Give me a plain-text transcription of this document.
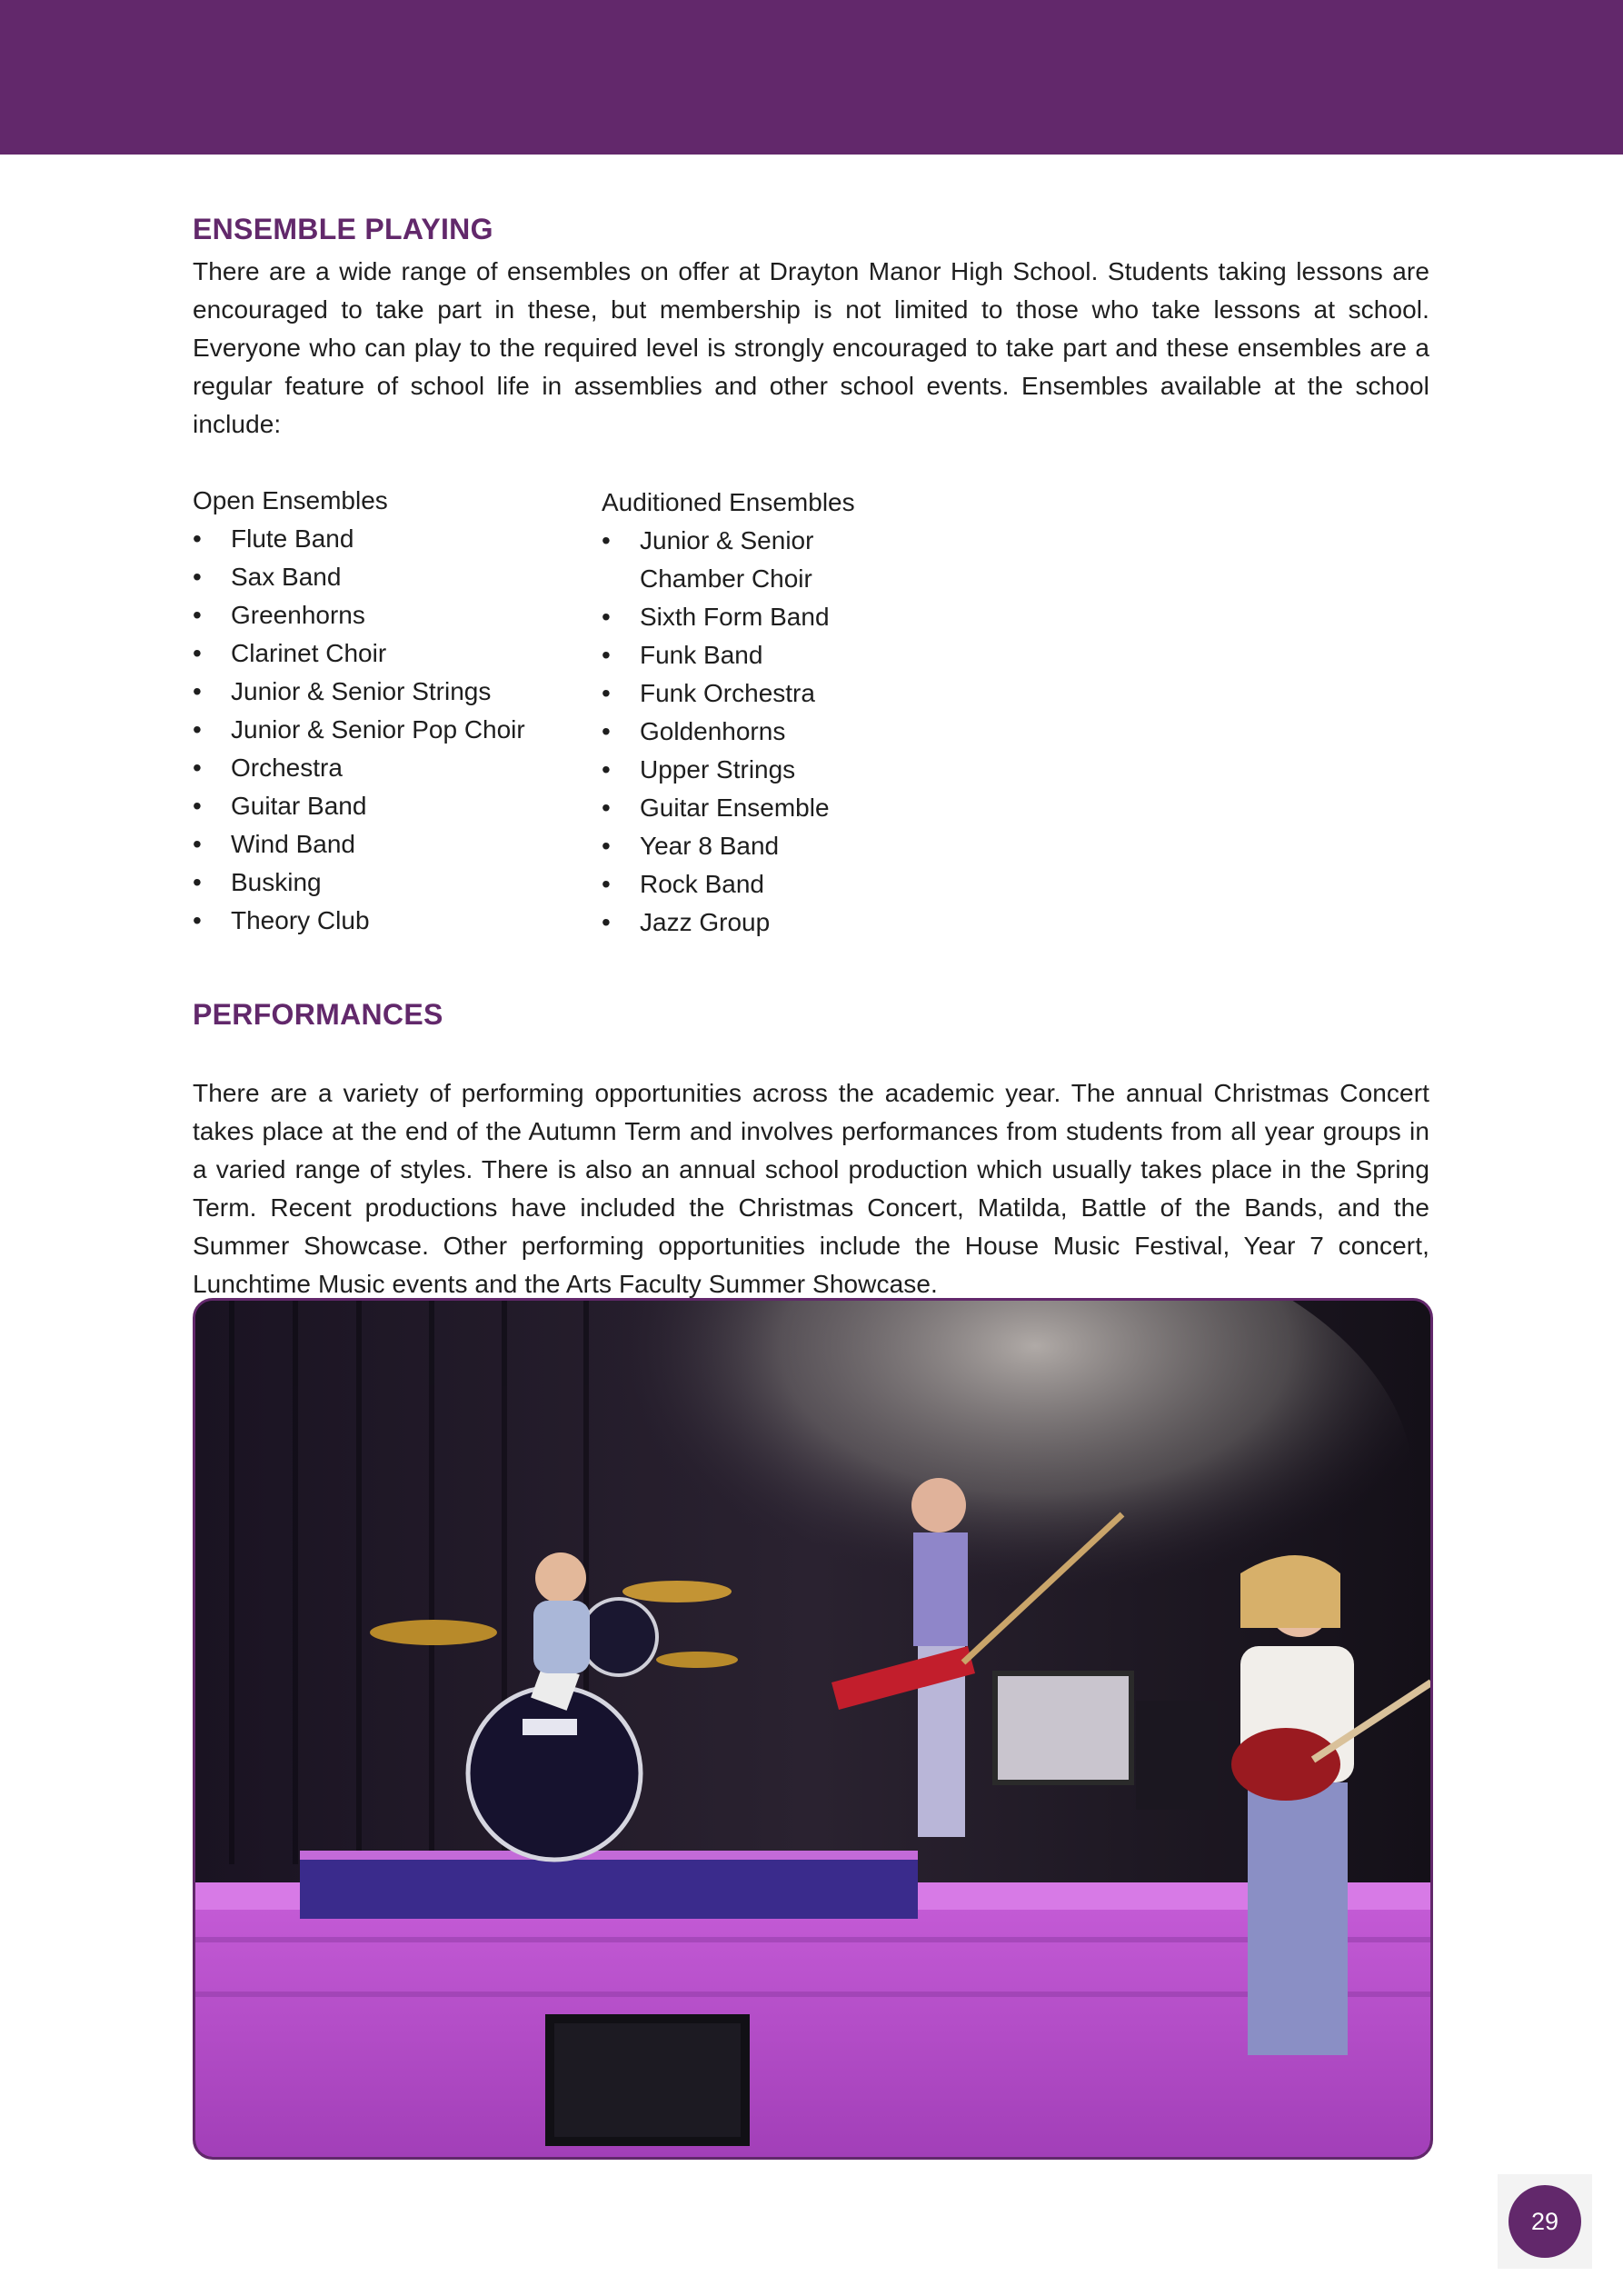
ENSEMBLE PLAYING

There are a wide range of ensembles on offer at Drayton Manor High School. Students taking lessons are encouraged to take part in these, but membership is not limited to those who take lessons at school. Everyone who can play to the required level is strongly encouraged to take part and these ensembles are a regular feature of school life in assemblies and other school events. Ensembles available at the school include:

Open Ensembles

• Flute Band
• Sax Band
• Greenhorns
• Clarinet Choir
• Junior & Senior Strings
• Junior & Senior Pop Choir
• Orchestra
• Guitar Band
• Wind Band
• Busking
• Theory Club

Auditioned Ensembles

• Junior & Senior
Chamber Choir
• Sixth Form Band
• Funk Band
• Funk Orchestra
• Goldenhorns
• Upper Strings
• Guitar Ensemble
• Year 8 Band
• Rock Band
• Jazz Group
PERFORMANCES

There are a variety of performing opportunities across the academic year. The annual Christmas Concert takes place at the end of the Autumn Term and involves performances from students from all year groups in a varied range of styles. There is also an annual school production which usually takes place in the Spring Term. Recent productions have included the Christmas Concert, Matilda, Battle of the Bands, and the Summer Showcase. Other performing opportunities include the House Music Festival, Year 7 concert, Lunchtime Music events and the Arts Faculty Summer Showcase.

29
